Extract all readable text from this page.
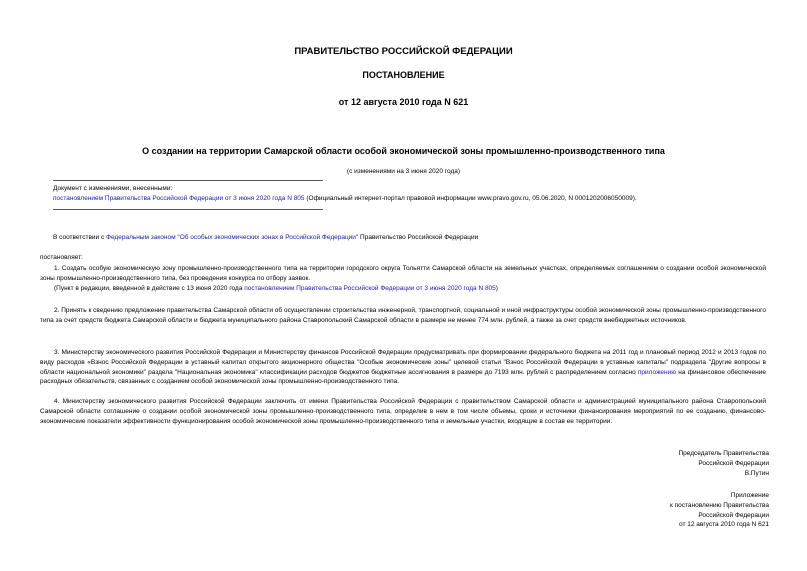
ПРАВИТЕЛЬСТВО РОССИЙСКОЙ ФЕДЕРАЦИИ
ПОСТАНОВЛЕНИЕ
от 12 августа 2010 года N 621
О создании на территории Самарской области особой экономической зоны промышленно-производственного типа
(с изменениями на 3 июня 2020 года)
Документ с изменениями, внесенными:
постановлением Правительства Российской Федерации от 3 июня 2020 года N 805 (Официальный интернет-портал правовой информации www.pravo.gov.ru, 05.06.2020, N 0001202006050009).
В соответствии с Федеральным законом "Об особых экономических зонах в Российской Федерации" Правительство Российской Федерации
постановляет:
1. Создать особую экономическую зону промышленно-производственного типа на территории городского округа Тольятти Самарской области на земельных участках, определяемых соглашением о создании особой экономической зоны промышленно-производственного типа, без проведения конкурса по отбору заявок.
(Пункт в редакции, введенной в действие с 13 июня 2020 года постановлением Правительства Российской Федерации от 3 июня 2020 года N 805)
2. Принять к сведению предложение правительства Самарской области об осуществлении строительства инженерной, транспортной, социальной и иной инфраструктуры особой экономической зоны промышленно-производственного типа за счет средств бюджета Самарской области и бюджета муниципального района Ставропольский Самарской области в размере не менее 774 млн. рублей, а также за счет средств внебюджетных источников.
3. Министерству экономического развития Российской Федерации и Министерству финансов Российской Федерации предусматривать при формировании федерального бюджета на 2011 год и плановый период 2012 и 2013 годов по виду расходов «Взнос Российской Федерации в уставный капитал открытого акционерного общества "Особые экономические зоны" целевой статьи "Взнос Российской Федерации в уставные капиталы" подраздела "Другие вопросы в области национальной экономики" раздела "Национальная экономика" классификации расходов бюджетов бюджетные ассигнования в размере до 7193 млн. рублей с распределением согласно приложению на финансовое обеспечение расходных обязательств, связанных с созданием особой экономической зоны промышленно-производственного типа.
4. Министерству экономического развития Российской Федерации заключить от имени Правительства Российской Федерации с правительством Самарской области и администрацией муниципального района Ставропольский Самарской области соглашение о создании особой экономической зоны промышленно-производственного типа, определив в нем в том числе объемы, сроки и источники финансирования мероприятий по ее созданию, финансово-экономические показатели эффективности функционирования особой экономической зоны промышленно-производственного типа и земельные участки, входящие в состав ее территории.
Председатель Правительства
Российской Федерации
В.Путин
Приложение
к постановлению Правительства
Российской Федерации
от 12 августа 2010 года N 621
